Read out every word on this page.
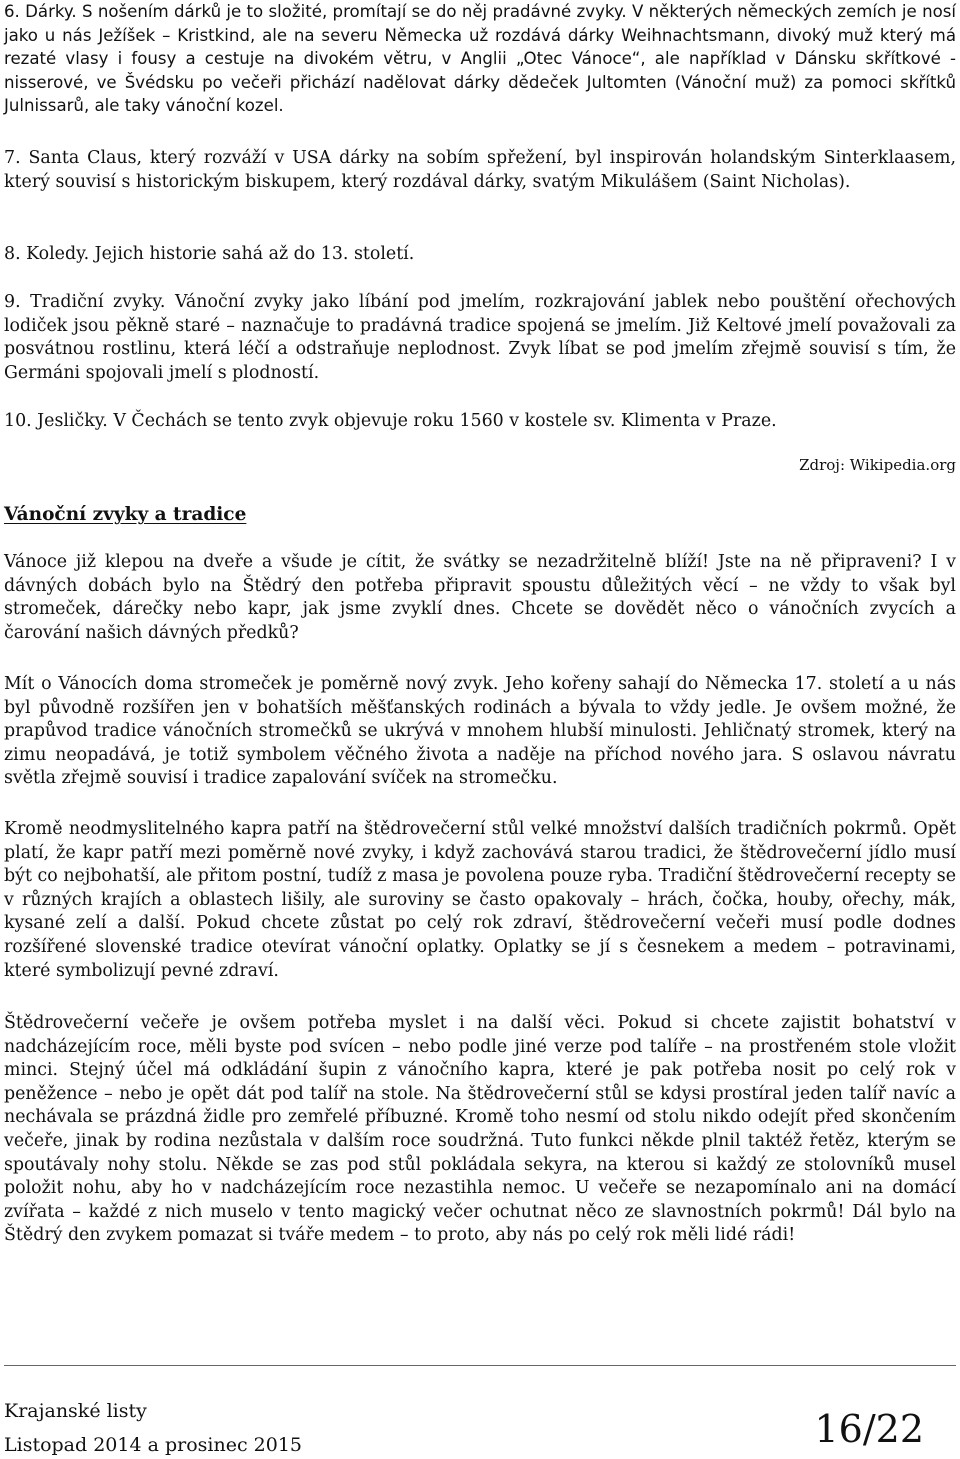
6. Dárky. S nošením dárků je to složité, promítají se do něj pradávné zvyky. V některých německých zemích je nosí jako u nás Ježíšek – Kristkind, ale na severu Německa už rozdává dárky Weihnachtsmann, divoký muž který má rezaté vlasy i fousy a cestuje na divokém větru, v Anglii „Otec Vánoce“, ale například v Dánsku skřítkové - nisserové, ve Švédsku po večeři přichází nadělovat dárky dědeček Jultomten (Vánoční muž) za pomoci skřítků Julnissarů, ale taky vánoční kozel.

7. Santa Claus, který rozváží v USA dárky na sobím spřežení, byl inspirován holandským Sinterklaasem, který souvisí s historickým biskupem, který rozdával dárky, svatým Mikulášem (Saint Nicholas).

8. Koledy. Jejich historie sahá až do 13. století.

9. Tradiční zvyky. Vánoční zvyky jako líbání pod jmelím, rozkrajování jablek nebo pouštění ořechových lodiček jsou pěkně staré – naznačuje to pradávná tradice spojená se jmelím. Již Keltové jmelí považovali za posvátnou rostlinu, která léčí a odstraňuje neplodnost. Zvyk líbat se pod jmelím zřejmě souvisí s tím, že Germáni spojovali jmelí s plodností.

10. Jesličky. V Čechách se tento zvyk objevuje roku 1560 v kostele sv. Klimenta v Praze.

Zdroj: Wikipedia.org
Vánoční zvyky a tradice

Vánoce již klepou na dveře a všude je cítit, že svátky se nezadržitelně blíží! Jste na ně připraveni? I v dávných dobách bylo na Štědrý den potřeba připravit spoustu důležitých věcí – ne vždy to však byl stromeček, dárečky nebo kapr, jak jsme zvyklí dnes. Chcete se dovědět něco o vánočních zvycích a čarování našich dávných předků?

Mít o Vánocích doma stromeček je poměrně nový zvyk. Jeho kořeny sahají do Německa 17. století a u nás byl původně rozšířen jen v bohatších měšťanských rodinách a bývala to vždy jedle. Je ovšem možné, že prapůvod tradice vánočních stromečků se ukrývá v mnohem hlubší minulosti. Jehličnatý stromek, který na zimu neopadává, je totiž symbolem věčného života a naděje na příchod nového jara. S oslavou návratu světla zřejmě souvisí i tradice zapalování svíček na stromečku.

Kromě neodmyslitelného kapra patří na štědrovečerní stůl velké množství dalších tradičních pokrmů. Opět platí, že kapr patří mezi poměrně nové zvyky, i když zachovává starou tradici, že štědrovečerní jídlo musí být co nejbohatší, ale přitom postní, tudíž z masa je povolena pouze ryba. Tradiční štědrovečerní recepty se v různých krajích a oblastech lišily, ale suroviny se často opakovaly – hrách, čočka, houby, ořechy, mák, kysané zelí a další. Pokud chcete zůstat po celý rok zdraví, štědrovečerní večeři musí podle dodnes rozšířené slovenské tradice otevírat vánoční oplatky. Oplatky se jí s česnekem a medem – potravinami, které symbolizují pevné zdraví.

Štědrovečerní večeře je ovšem potřeba myslet i na další věci. Pokud si chcete zajistit bohatství v nadcházejícím roce, měli byste pod svícen – nebo podle jiné verze pod talíře – na prostřeném stole vložit minci. Stejný účel má odkládání šupin z vánočního kapra, které je pak potřeba nosit po celý rok v peněžence – nebo je opět dát pod talíř na stole. Na štědrovečerní stůl se kdysi prostíral jeden talíř navíc a nechávala se prázdná židle pro zemřelé příbuzné. Kromě toho nesmí od stolu nikdo odejít před skončením večeře, jinak by rodina nezůstala v dalším roce soudržná. Tuto funkci někde plnil taktéž řetěz, kterým se spoutávaly nohy stolu. Někde se zas pod stůl pokládala sekyra, na kterou si každý ze stolovníků musel položit nohu, aby ho v nadcházejícím roce nezastihla nemoc. U večeře se nezapomínalo ani na domácí zvířata – každé z nich muselo v tento magický večer ochutnat něco ze slavnostních pokrmů! Dál bylo na Štědrý den zvykem pomazat si tváře medem – to proto, aby nás po celý rok měli lidé rádi!

Krajanské listy
Listopad 2014 a prosinec 2015	16/22
